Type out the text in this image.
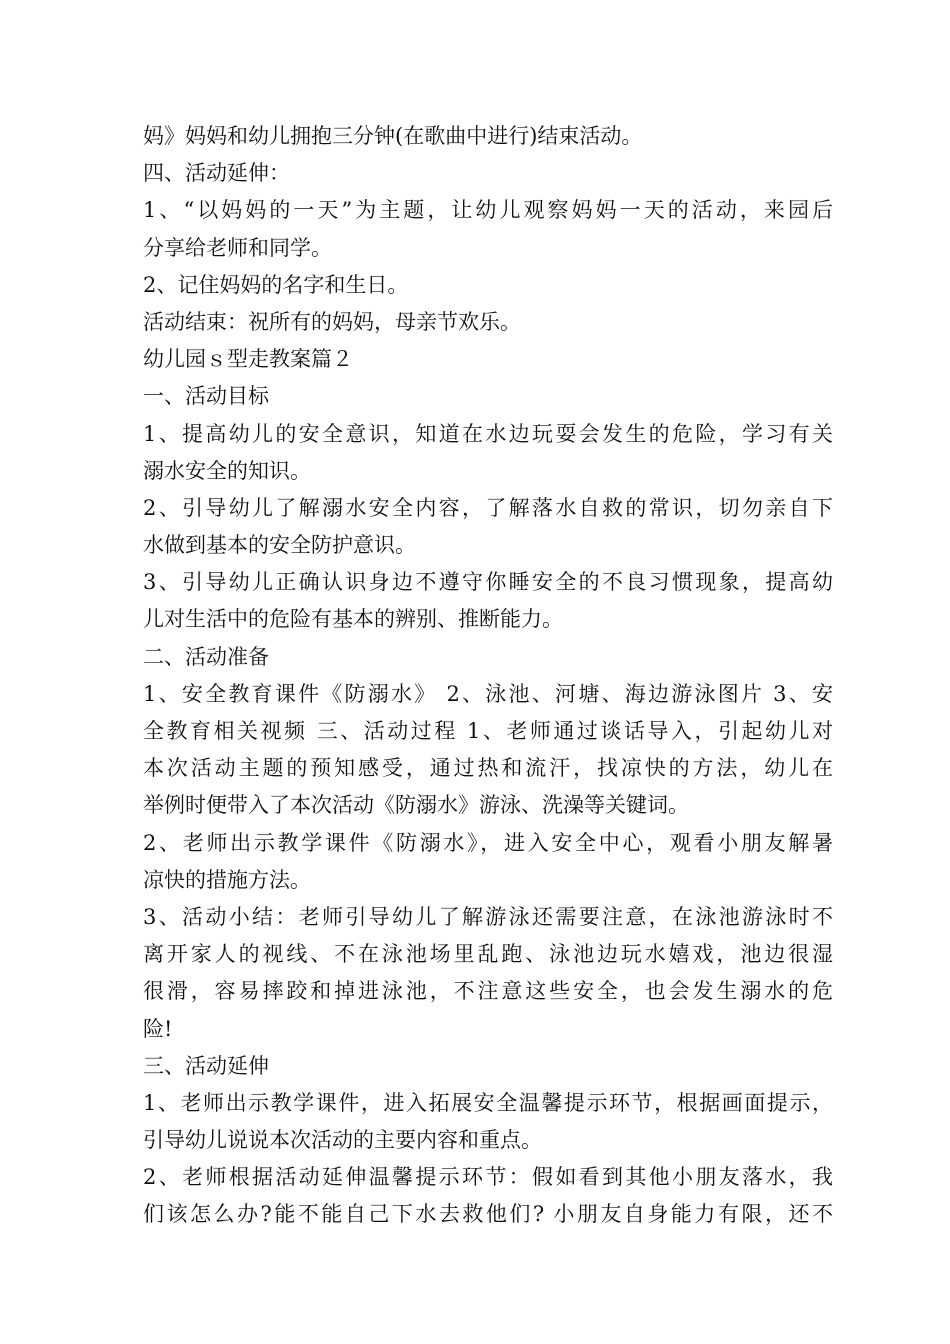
妈》妈妈和幼儿拥抱三分钟(在歌曲中进行)结束活动。
四、活动延伸：
1、“以妈妈的一天”为主题，让幼儿观察妈妈一天的活动，来园后
分享给老师和同学。
2、记住妈妈的名字和生日。
活动结束：祝所有的妈妈，母亲节欢乐。
幼儿园ｓ型走教案篇２
一、活动目标
1、提高幼儿的安全意识，知道在水边玩耍会发生的危险，学习有关
溺水安全的知识。
2、引导幼儿了解溺水安全内容，了解落水自救的常识，切勿亲自下
水做到基本的安全防护意识。
3、引导幼儿正确认识身边不遵守你睡安全的不良习惯现象，提高幼
儿对生活中的危险有基本的辨别、推断能力。
二、活动准备
1、安全教育课件《防溺水》 2、泳池、河塘、海边游泳图片 3、安
全教育相关视频 三、活动过程 1、老师通过谈话导入，引起幼儿对
本次活动主题的预知感受，通过热和流汗，找凉快的方法，幼儿在
举例时便带入了本次活动《防溺水》游泳、洗澡等关键词。
2、老师出示教学课件《防溺水》，进入安全中心，观看小朋友解暑
凉快的措施方法。
3、活动小结：老师引导幼儿了解游泳还需要注意，在泳池游泳时不
离开家人的视线、不在泳池场里乱跑、泳池边玩水嬉戏，池边很湿
很滑，容易摔跤和掉进泳池，不注意这些安全，也会发生溺水的危
险!
三、活动延伸
1、老师出示教学课件，进入拓展安全温馨提示环节，根据画面提示，
引导幼儿说说本次活动的主要内容和重点。
2、老师根据活动延伸温馨提示环节：假如看到其他小朋友落水，我
们该怎么办?能不能自己下水去救他们? 小朋友自身能力有限，还不
